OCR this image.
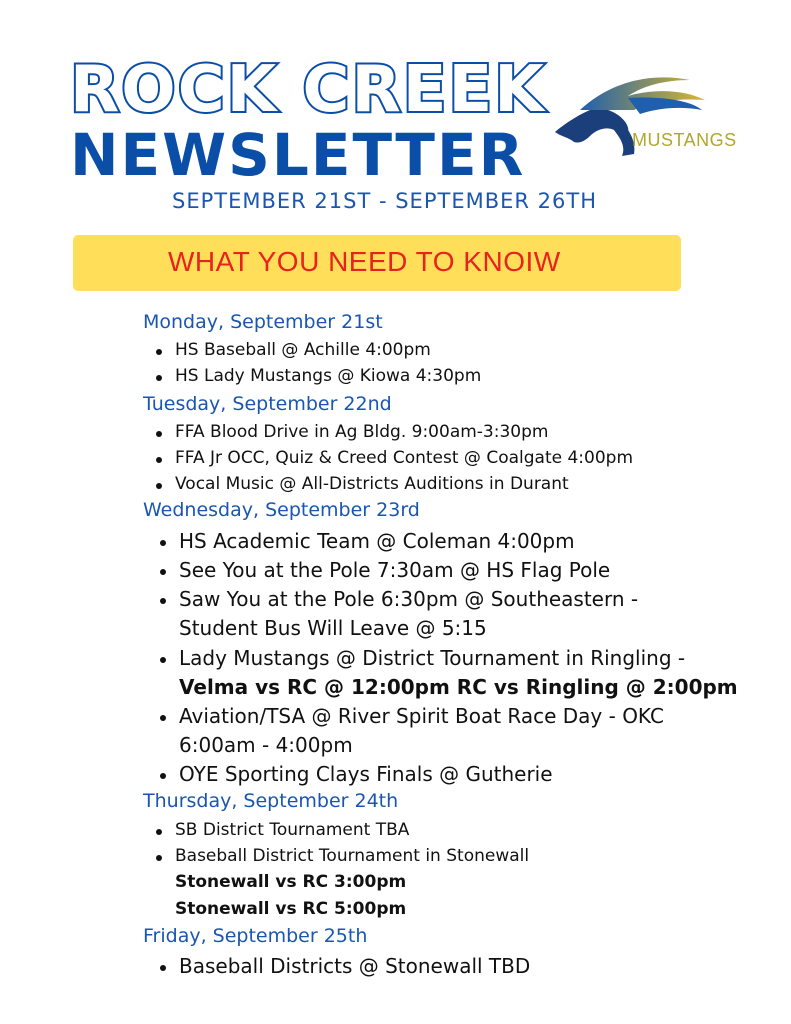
ROCK CREEK
NEWSLETTER
SEPTEMBER 21ST - SEPTEMBER 26TH
MUSTANGS
WHAT YOU NEED TO KNOIW
Monday, September 21st
HS Baseball @ Achille 4:00pm
HS Lady Mustangs @ Kiowa 4:30pm
Tuesday, September 22nd
FFA Blood Drive in Ag Bldg. 9:00am-3:30pm
FFA Jr OCC, Quiz & Creed Contest @ Coalgate 4:00pm
Vocal Music @ All-Districts Auditions in Durant
Wednesday, September 23rd
HS Academic Team @ Coleman 4:00pm
See You at the Pole 7:30am @ HS Flag Pole
Saw You at the Pole 6:30pm @ Southeastern -
Student Bus Will Leave @ 5:15
Lady Mustangs @ District Tournament in Ringling -
Velma vs RC @ 12:00pm RC vs Ringling @ 2:00pm
Aviation/TSA @ River Spirit Boat Race Day - OKC
6:00am - 4:00pm
OYE Sporting Clays Finals @ Gutherie
Thursday, September 24th
SB District Tournament TBA
Baseball District Tournament in Stonewall
Stonewall vs RC 3:00pm
Stonewall vs RC 5:00pm
Friday, September 25th
Baseball Districts @ Stonewall TBD
